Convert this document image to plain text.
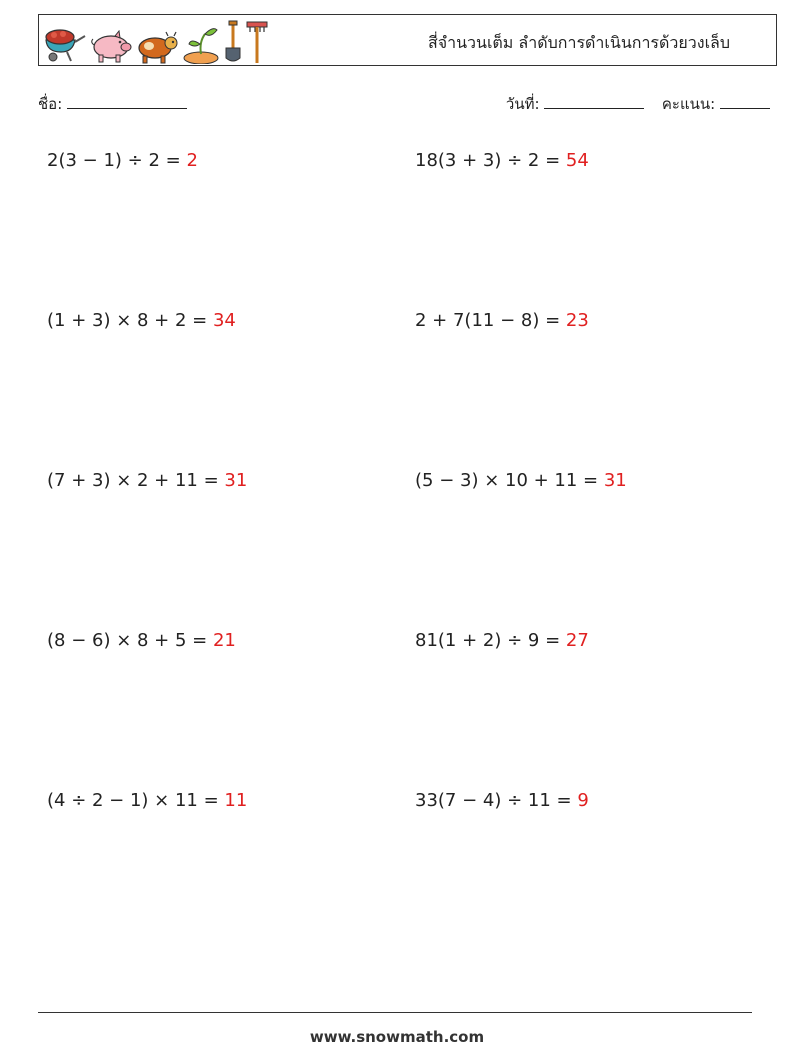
สี่จำนวนเต็ม ลำดับการดำเนินการด้วยวงเล็บ
ชื่อ:	วันที่:	คะแนน:
2(3 − 1) ÷ 2 = 2	18(3 + 3) ÷ 2 = 54
(1 + 3) × 8 + 2 = 34	2 + 7(11 − 8) = 23
(7 + 3) × 2 + 11 = 31	(5 − 3) × 10 + 11 = 31
(8 − 6) × 8 + 5 = 21	81(1 + 2) ÷ 9 = 27
(4 ÷ 2 − 1) × 11 = 11	33(7 − 4) ÷ 11 = 9
www.snowmath.com
